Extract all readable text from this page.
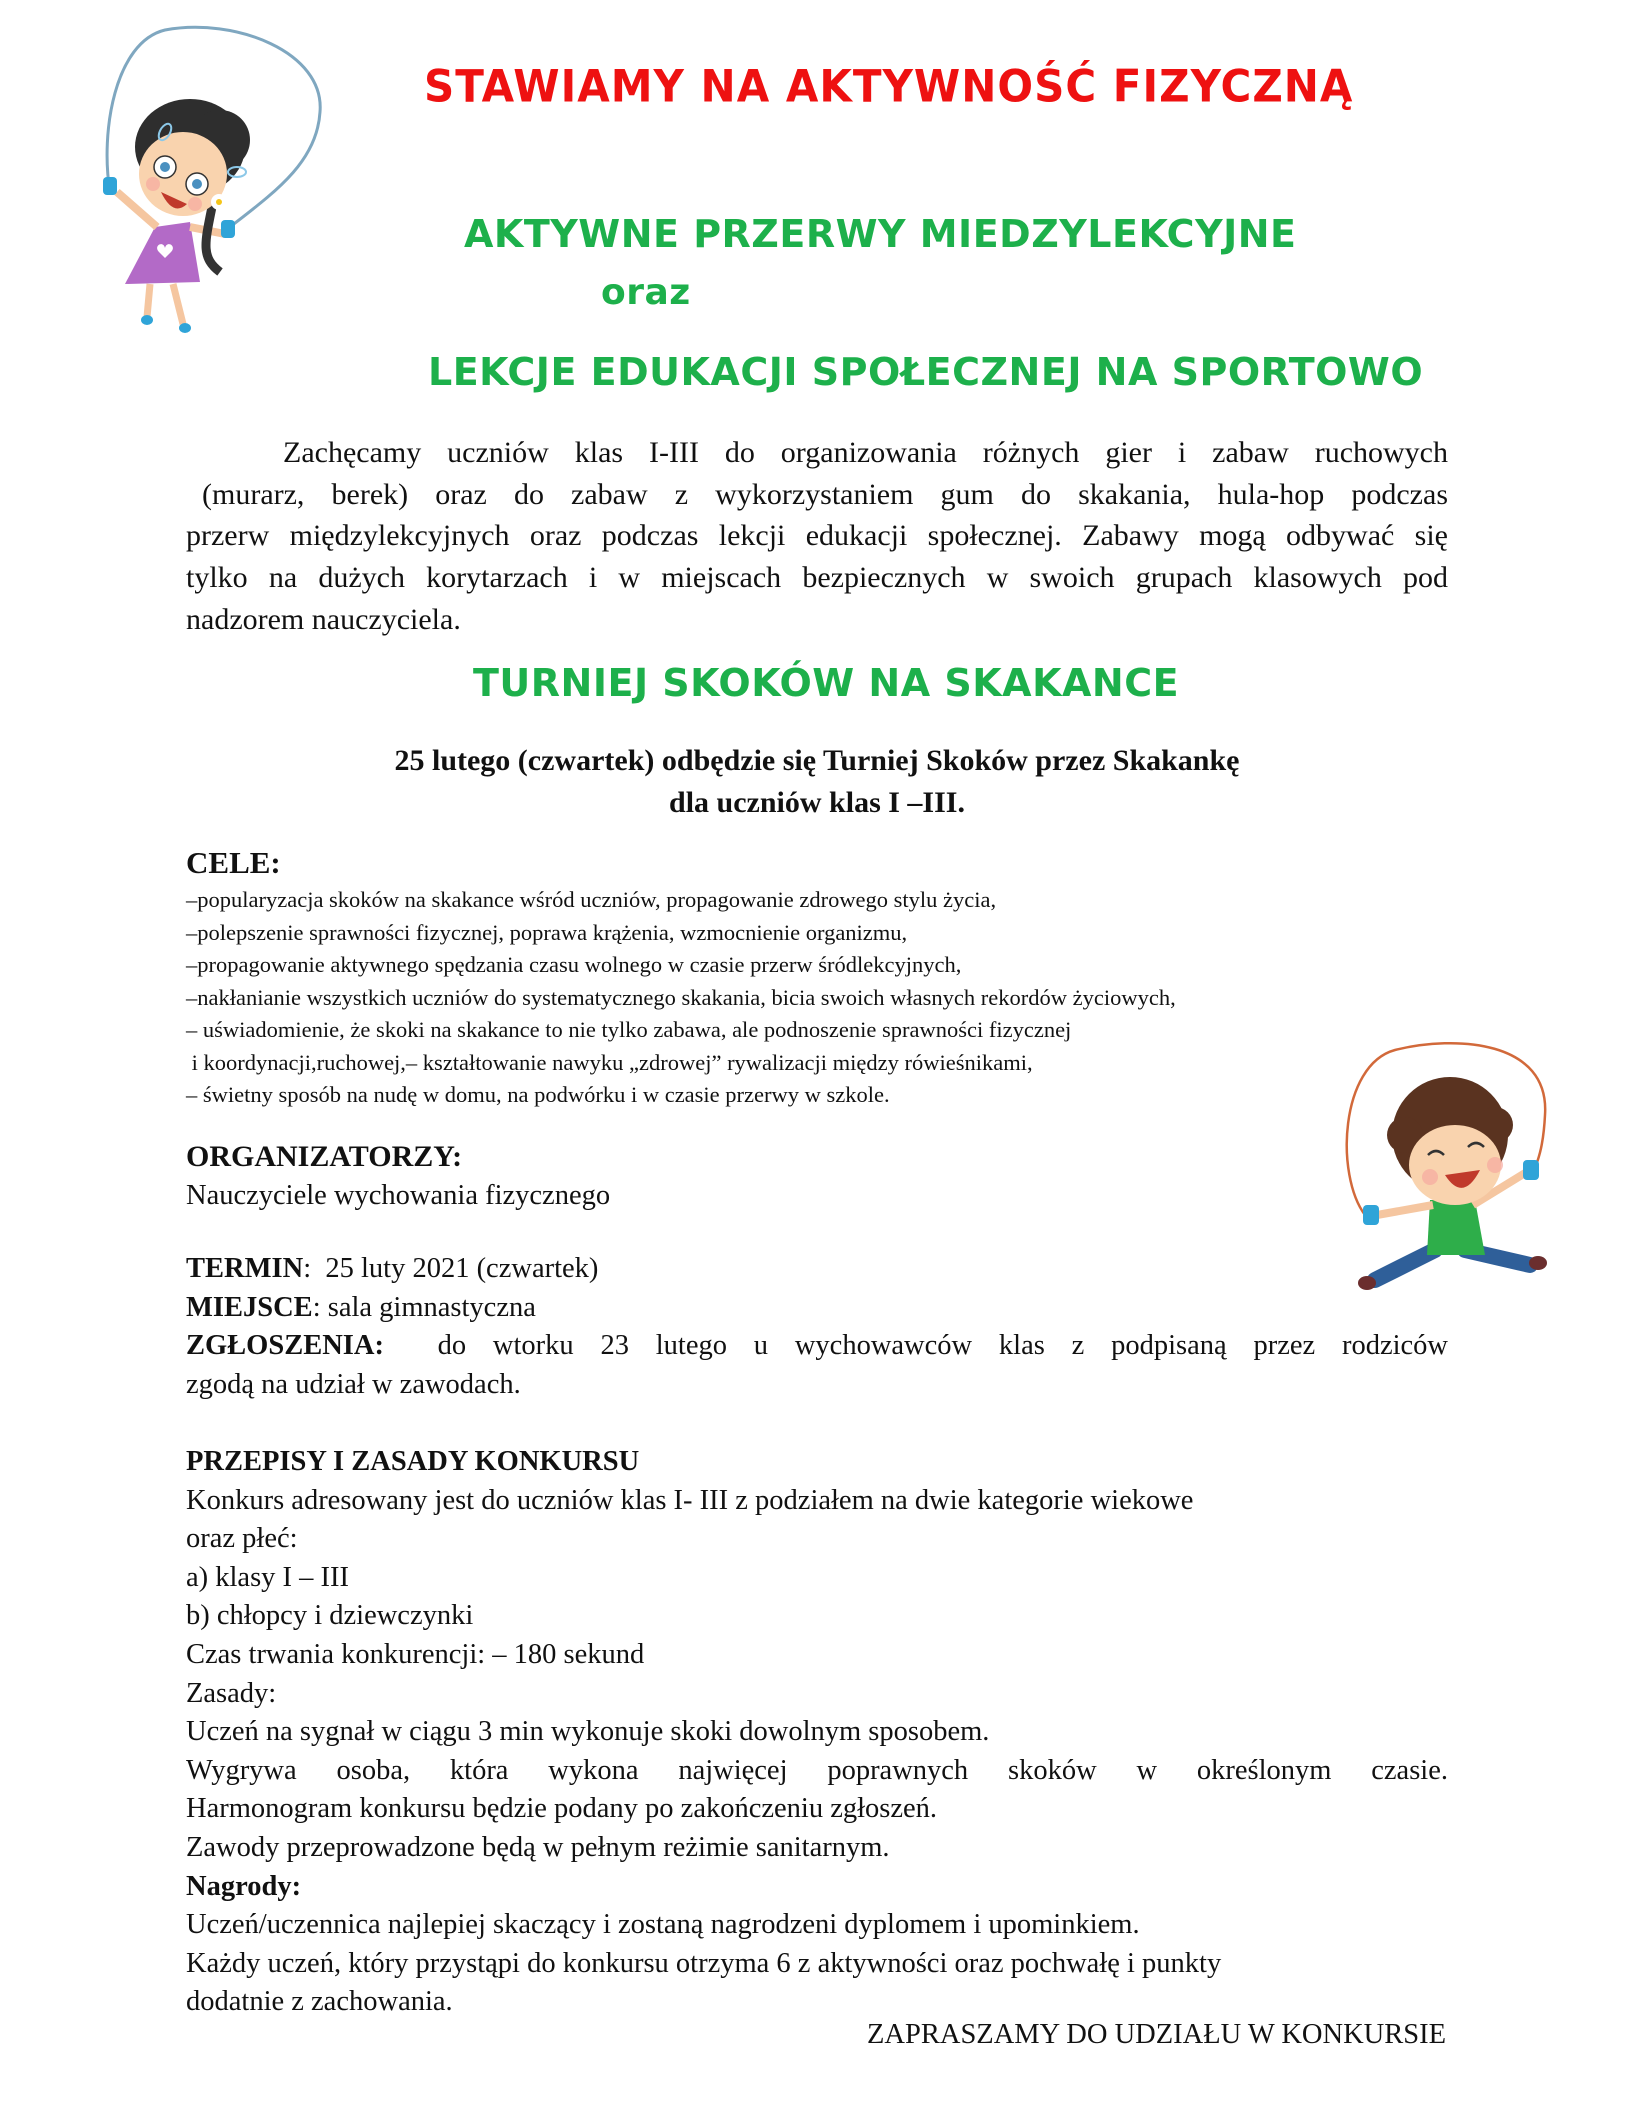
STAWIAMY NA AKTYWNOŚĆ FIZYCZNĄ
AKTYWNE PRZERWY MIEDZYLEKCYJNE
oraz
LEKCJE EDUKACJI SPOŁECZNEJ NA SPORTOWO
Zachęcamy uczniów klas I-III do organizowania różnych gier i zabaw ruchowych
(murarz, berek) oraz do zabaw z wykorzystaniem gum do skakania, hula-hop podczas
przerw międzylekcyjnych oraz podczas lekcji edukacji społecznej. Zabawy mogą odbywać się
tylko na dużych korytarzach i w miejscach bezpiecznych w swoich grupach klasowych pod
nadzorem nauczyciela.
TURNIEJ SKOKÓW NA SKAKANCE
25 lutego (czwartek) odbędzie się Turniej Skoków przez Skakankę
dla uczniów klas I –III.
CELE:
–popularyzacja skoków na skakance wśród uczniów, propagowanie zdrowego stylu życia,
–polepszenie sprawności fizycznej, poprawa krążenia, wzmocnienie organizmu,
–propagowanie aktywnego spędzania czasu wolnego w czasie przerw śródlekcyjnych,
–nakłanianie wszystkich uczniów do systematycznego skakania, bicia swoich własnych rekordów życiowych,
– uświadomienie, że skoki na skakance to nie tylko zabawa, ale podnoszenie sprawności fizycznej
i koordynacji,ruchowej,– kształtowanie nawyku „zdrowej” rywalizacji między rówieśnikami,
– świetny sposób na nudę w domu, na podwórku i w czasie przerwy w szkole.
ORGANIZATORZY:
Nauczyciele wychowania fizycznego
TERMIN:  25 luty 2021 (czwartek)
MIEJSCE: sala gimnastyczna
ZGŁOSZENIA:  do wtorku 23 lutego u wychowawców klas z podpisaną przez rodziców
zgodą na udział w zawodach.
PRZEPISY I ZASADY KONKURSU
Konkurs adresowany jest do uczniów klas I- III z podziałem na dwie kategorie wiekowe
oraz płeć:
a) klasy I – III
b) chłopcy i dziewczynki
Czas trwania konkurencji: – 180 sekund
Zasady:
Uczeń na sygnał w ciągu 3 min wykonuje skoki dowolnym sposobem.
Wygrywa osoba, która wykona najwięcej poprawnych skoków w określonym czasie.
Harmonogram konkursu będzie podany po zakończeniu zgłoszeń.
Zawody przeprowadzone będą w pełnym reżimie sanitarnym.
Nagrody:
Uczeń/uczennica najlepiej skaczący i zostaną nagrodzeni dyplomem i upominkiem.
Każdy uczeń, który przystąpi do konkursu otrzyma 6 z aktywności oraz pochwałę i punkty
dodatnie z zachowania.
ZAPRASZAMY DO UDZIAŁU W KONKURSIE
